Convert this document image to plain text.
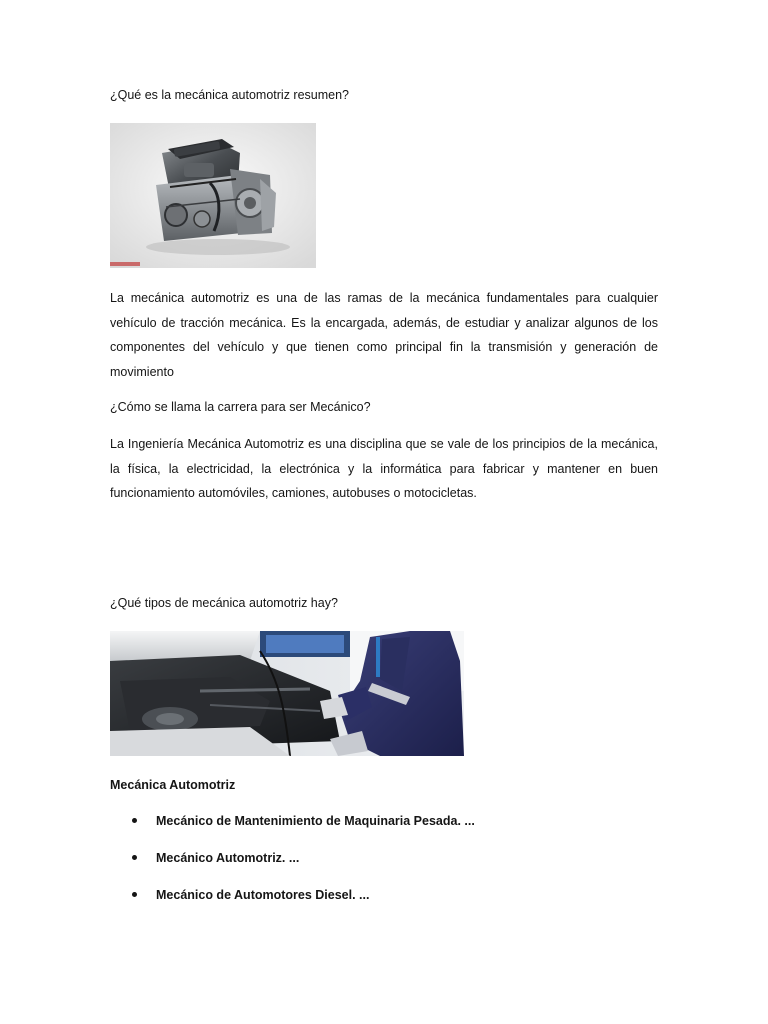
¿Qué es la mecánica automotriz resumen?
La mecánica automotriz es una de las ramas de la mecánica fundamentales para cualquier vehículo de tracción mecánica. Es la encargada, además, de estudiar y analizar algunos de los componentes del vehículo y que tienen como principal fin la transmisión y generación de movimiento
¿Cómo se llama la carrera para ser Mecánico?
La Ingeniería Mecánica Automotriz es una disciplina que se vale de los principios de la mecánica, la física, la electricidad, la electrónica y la informática para fabricar y mantener en buen funcionamiento automóviles, camiones, autobuses o motocicletas.
¿Qué tipos de mecánica automotriz hay?
Mecánica Automotriz
Mecánico de Mantenimiento de Maquinaria Pesada. ...
Mecánico Automotriz. ...
Mecánico de Automotores Diesel. ...
